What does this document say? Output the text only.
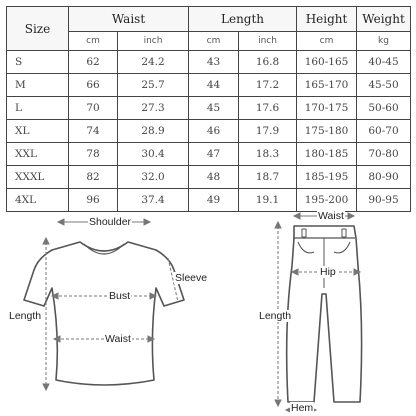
Size	Waist		Length		Height	Weight
	cm	inch	cm	inch	cm	kg
S	62	24.2	43	16.8	160-165	40-45
M	66	25.7	44	17.2	165-170	45-50
L	70	27.3	45	17.6	170-175	50-60
XL	74	28.9	46	17.9	175-180	60-70
XXL	78	30.4	47	18.3	180-185	70-80
XXXL	82	32.0	48	18.7	185-195	80-90
4XL	96	37.4	49	19.1	195-200	90-95
Shoulder
Sleeve
Bust
Length
Waist
Waist
Hip
Length
Hem
